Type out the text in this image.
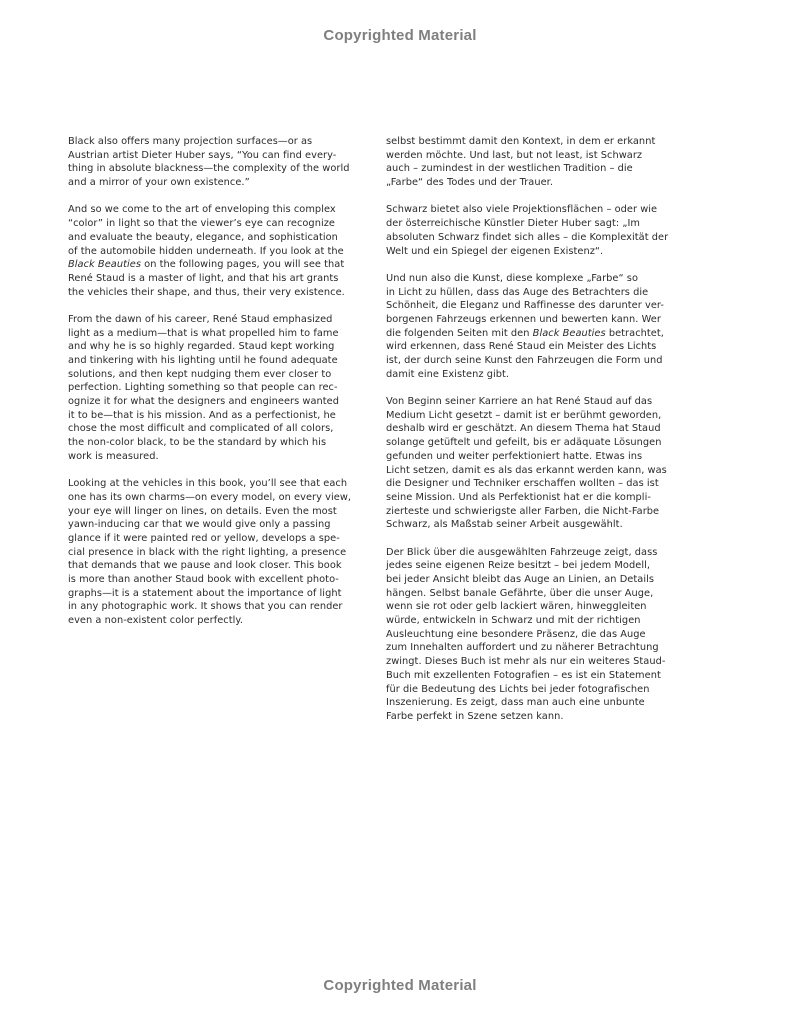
Copyrighted Material
Black also offers many projection surfaces—or as
Austrian artist Dieter Huber says, “You can find every-
thing in absolute blackness—the complexity of the world
and a mirror of your own existence.”
And so we come to the art of enveloping this complex
“color” in light so that the viewer’s eye can recognize
and evaluate the beauty, elegance, and sophistication
of the automobile hidden underneath. If you look at the
Black Beauties on the following pages, you will see that
René Staud is a master of light, and that his art grants
the vehicles their shape, and thus, their very existence.
From the dawn of his career, René Staud emphasized
light as a medium—that is what propelled him to fame
and why he is so highly regarded. Staud kept working
and tinkering with his lighting until he found adequate
solutions, and then kept nudging them ever closer to
perfection. Lighting something so that people can rec-
ognize it for what the designers and engineers wanted
it to be—that is his mission. And as a perfectionist, he
chose the most difficult and complicated of all colors,
the non-color black, to be the standard by which his
work is measured.
Looking at the vehicles in this book, you’ll see that each
one has its own charms—on every model, on every view,
your eye will linger on lines, on details. Even the most
yawn-inducing car that we would give only a passing
glance if it were painted red or yellow, develops a spe-
cial presence in black with the right lighting, a presence
that demands that we pause and look closer. This book
is more than another Staud book with excellent photo-
graphs—it is a statement about the importance of light
in any photographic work. It shows that you can render
even a non-existent color perfectly.
selbst bestimmt damit den Kontext, in dem er erkannt
werden möchte. Und last, but not least, ist Schwarz
auch – zumindest in der westlichen Tradition – die
„Farbe“ des Todes und der Trauer.
Schwarz bietet also viele Projektionsflächen – oder wie
der österreichische Künstler Dieter Huber sagt: „Im
absoluten Schwarz findet sich alles – die Komplexität der
Welt und ein Spiegel der eigenen Existenz“.
Und nun also die Kunst, diese komplexe „Farbe“ so
in Licht zu hüllen, dass das Auge des Betrachters die
Schönheit, die Eleganz und Raffinesse des darunter ver-
borgenen Fahrzeugs erkennen und bewerten kann. Wer
die folgenden Seiten mit den Black Beauties betrachtet,
wird erkennen, dass René Staud ein Meister des Lichts
ist, der durch seine Kunst den Fahrzeugen die Form und
damit eine Existenz gibt.
Von Beginn seiner Karriere an hat René Staud auf das
Medium Licht gesetzt – damit ist er berühmt geworden,
deshalb wird er geschätzt. An diesem Thema hat Staud
solange getüftelt und gefeilt, bis er adäquate Lösungen
gefunden und weiter perfektioniert hatte. Etwas ins
Licht setzen, damit es als das erkannt werden kann, was
die Designer und Techniker erschaffen wollten – das ist
seine Mission. Und als Perfektionist hat er die kompli-
zierteste und schwierigste aller Farben, die Nicht-Farbe
Schwarz, als Maßstab seiner Arbeit ausgewählt.
Der Blick über die ausgewählten Fahrzeuge zeigt, dass
jedes seine eigenen Reize besitzt – bei jedem Modell,
bei jeder Ansicht bleibt das Auge an Linien, an Details
hängen. Selbst banale Gefährte, über die unser Auge,
wenn sie rot oder gelb lackiert wären, hinweggleiten
würde, entwickeln in Schwarz und mit der richtigen
Ausleuchtung eine besondere Präsenz, die das Auge
zum Innehalten auffordert und zu näherer Betrachtung
zwingt. Dieses Buch ist mehr als nur ein weiteres Staud-
Buch mit exzellenten Fotografien – es ist ein Statement
für die Bedeutung des Lichts bei jeder fotografischen
Inszenierung. Es zeigt, dass man auch eine unbunte
Farbe perfekt in Szene setzen kann.
Copyrighted Material
